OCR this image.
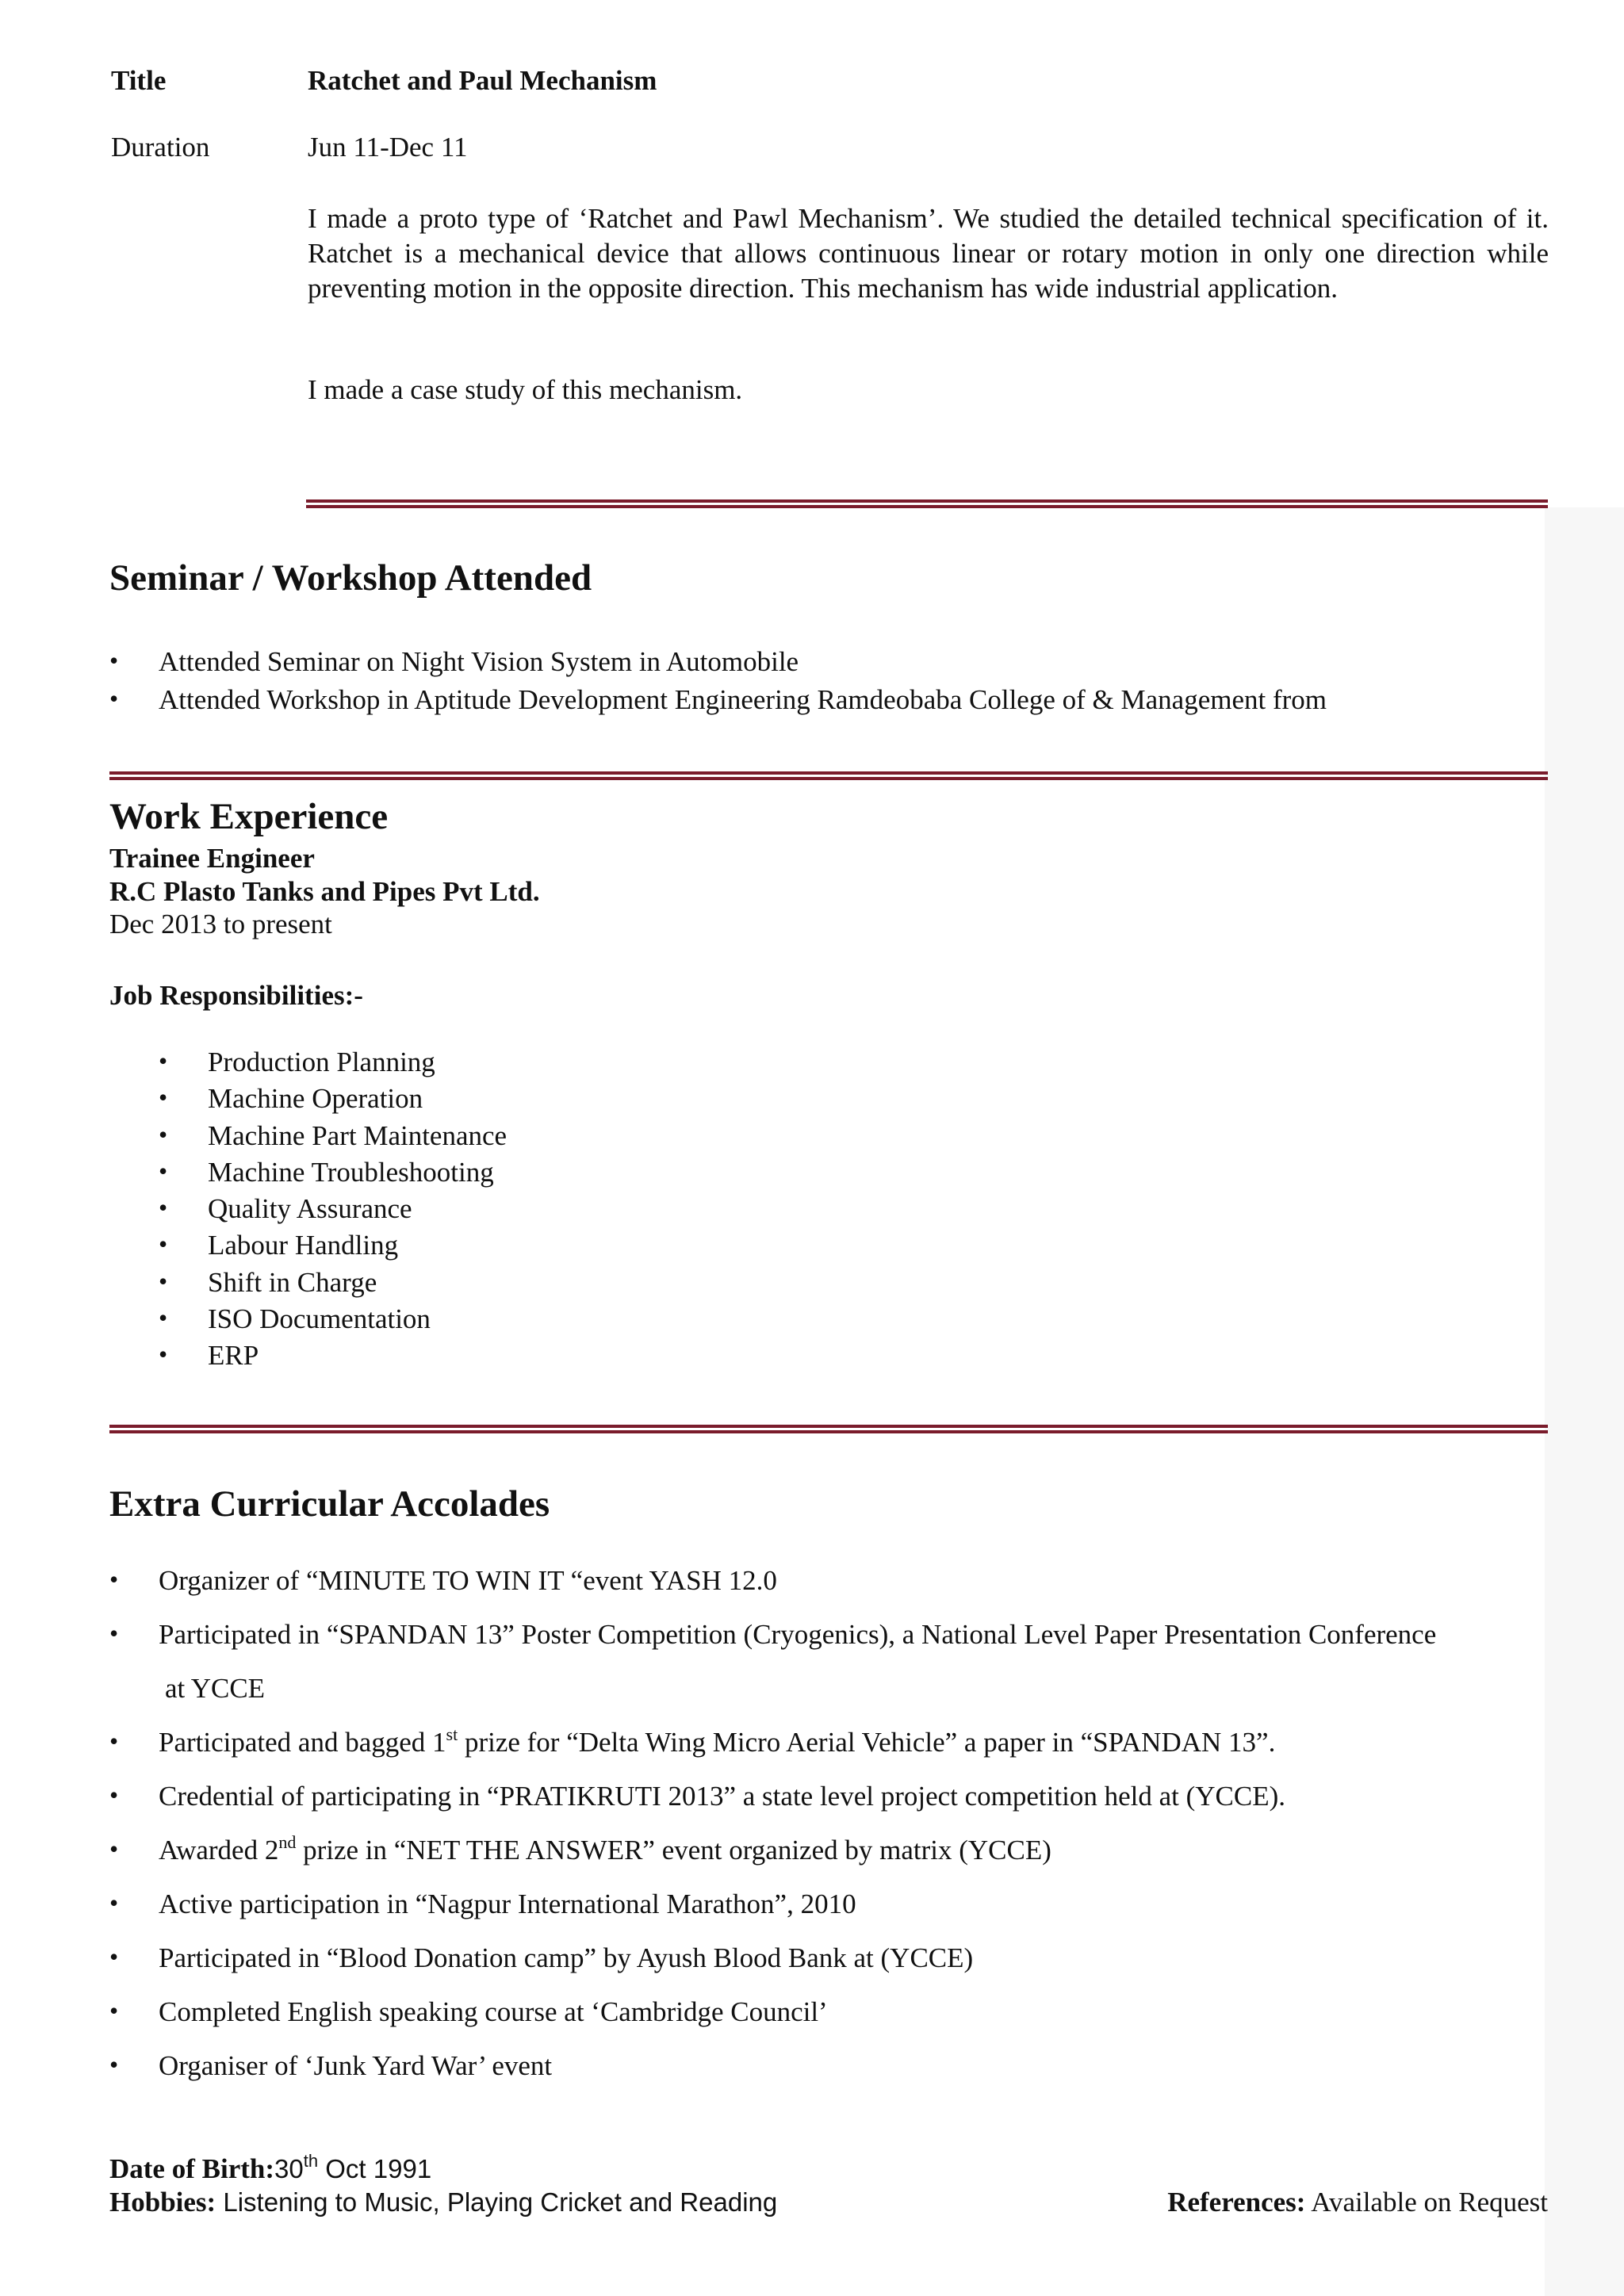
Title	Ratchet and Paul Mechanism
Duration	Jun 11-Dec 11
I made a proto type of ‘Ratchet and Pawl Mechanism’. We studied the detailed technical specification of it. Ratchet is a mechanical device that allows continuous linear or rotary motion in only one direction while preventing motion in the opposite direction. This mechanism has wide industrial application.
I made a case study of this mechanism.
Seminar / Workshop Attended
• Attended Seminar on Night Vision System in Automobile
• Attended Workshop in Aptitude Development Engineering Ramdeobaba College of & Management from
Work Experience
Trainee Engineer
R.C Plasto Tanks and Pipes Pvt Ltd.
Dec 2013 to present
Job Responsibilities:-
• Production Planning
• Machine Operation
• Machine Part Maintenance
• Machine Troubleshooting
• Quality Assurance
• Labour Handling
• Shift in Charge
• ISO Documentation
• ERP
Extra Curricular Accolades
• Organizer of “MINUTE TO WIN IT “event YASH 12.0
• Participated in “SPANDAN 13” Poster Competition (Cryogenics), a National Level Paper Presentation Conference
at YCCE
• Participated and bagged 1st prize for “Delta Wing Micro Aerial Vehicle” a paper in “SPANDAN 13”.
• Credential of participating in “PRATIKRUTI 2013” a state level project competition held at (YCCE).
• Awarded 2nd prize in “NET THE ANSWER” event organized by matrix (YCCE)
• Active participation in “Nagpur International Marathon”, 2010
• Participated in “Blood Donation camp” by Ayush Blood Bank at (YCCE)
• Completed English speaking course at ‘Cambridge Council’
• Organiser of ‘Junk Yard War’ event
Date of Birth:30th Oct 1991
Hobbies: Listening to Music, Playing Cricket and Reading	References: Available on Request
